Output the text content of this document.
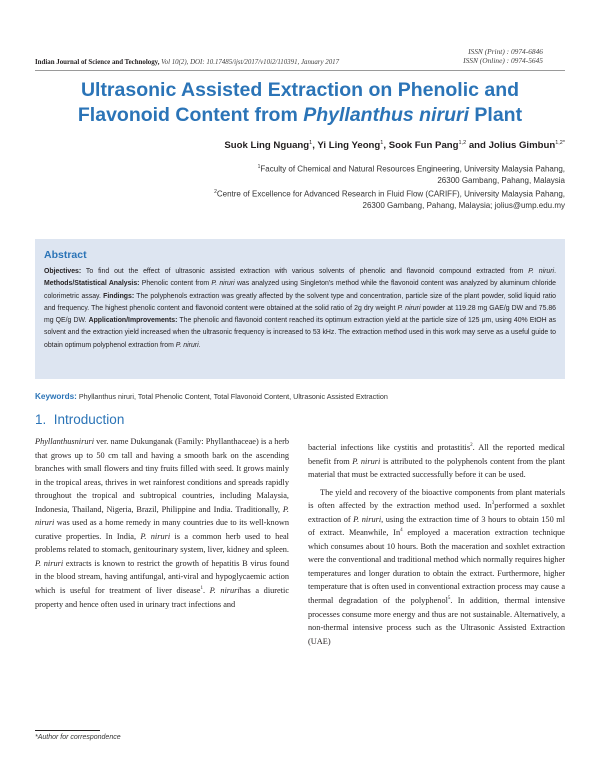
ISSN (Print) : 0974-6846
ISSN (Online) : 0974-5645
Indian Journal of Science and Technology, Vol 10(2), DOI: 10.17485/ijst/2017/v10i2/110391, January 2017
Ultrasonic Assisted Extraction on Phenolic and
Flavonoid Content from Phyllanthus niruri Plant
Suok Ling Nguang$^1$, Yi Ling Yeong$^1$, Sook Fun Pang$^{1,2}$ and Jolius Gimbun$^{1,2*}$
$^1$Faculty of Chemical and Natural Resources Engineering, University Malaysia Pahang,
26300 Gambang, Pahang, Malaysia
$^2$Centre of Excellence for Advanced Research in Fluid Flow (CARIFF), University Malaysia Pahang,
26300 Gambang, Pahang, Malaysia; jolius@ump.edu.my
Abstract
Objectives: To find out the effect of ultrasonic assisted extraction with various solvents of phenolic and flavonoid compound extracted from P. niruri. Methods/Statistical Analysis: Phenolic content from P. niruri was analyzed using Singleton's method while the flavonoid content was analyzed by aluminum chloride colorimetric assay. Findings: The polyphenols extraction was greatly affected by the solvent type and concentration, particle size of the plant powder, solid liquid ratio and frequency. The highest phenolic content and flavonoid content were obtained at the solid ratio of 2g dry weight P. niruri powder at 119.28 mg GAE/g DW and 75.86 mg QE/g DW. Application/Improvements: The phenolic and flavonoid content reached its optimum extraction yield at the particle size of 125 μm, using 40% EtOH as solvent and the extraction yield increased when the ultrasonic frequency is increased to 53 kHz. The extraction method used in this work may serve as a useful guide to obtain optimum polyphenol extraction from P. niruri.
Keywords: Phyllanthus niruri, Total Phenolic Content, Total Flavonoid Content, Ultrasonic Assisted Extraction
1. Introduction

Phyllanthusniruri ver. name Dukunganak (Family: Phyllanthaceae) is a herb that grows up to 50 cm tall and having a smooth bark on the ascending branches with small flowers and tiny fruits filled with seed. It grows mainly in the tropical areas, thrives in wet rainforest conditions and spreads rapidly throughout the tropical and subtropical countries, including Malaysia, Indonesia, Thailand, Nigeria, Brazil, Philippine and India. Traditionally, P. niruri was used as a home remedy in many countries due to its well-known curative properties. In India, P. niruri is a common herb used to heal problems related to stomach, genitourinary system, liver, kidney and spleen. P. niruri extracts is known to restrict the growth of hepatitis B virus found in the blood stream, having antifungal, anti-viral and hypoglycaemic action which is useful for treatment of liver disease$^1$. P. nirurihas a diuretic property and hence often used in urinary tract infections and

bacterial infections like cystitis and protastitis$^2$. All the reported medical benefit from P. niruri is attributed to the polyphenols content from the plant material that must be extracted successfully before it can be used.

The yield and recovery of the bioactive components from plant materials is often affected by the extraction method used. In$^3$performed a soxhlet extraction of P. niruri, using the extraction time of 3 hours to obtain 150 ml of extract. Meanwhile, In$^4$ employed a maceration extraction technique which consumes about 10 hours. Both the maceration and soxhlet extraction were the conventional and traditional method which normally requires higher temperatures and longer duration to obtain the extract. Furthermore, higher temperature that is often used in conventional extraction process may cause a thermal degradation of the polyphenol$^5$. In addition, thermal intensive processes consume more energy and thus are not sustainable. Alternatively, a non-thermal intensive process such as the Ultrasonic Assisted Extraction (UAE)

*Author for correspondence
